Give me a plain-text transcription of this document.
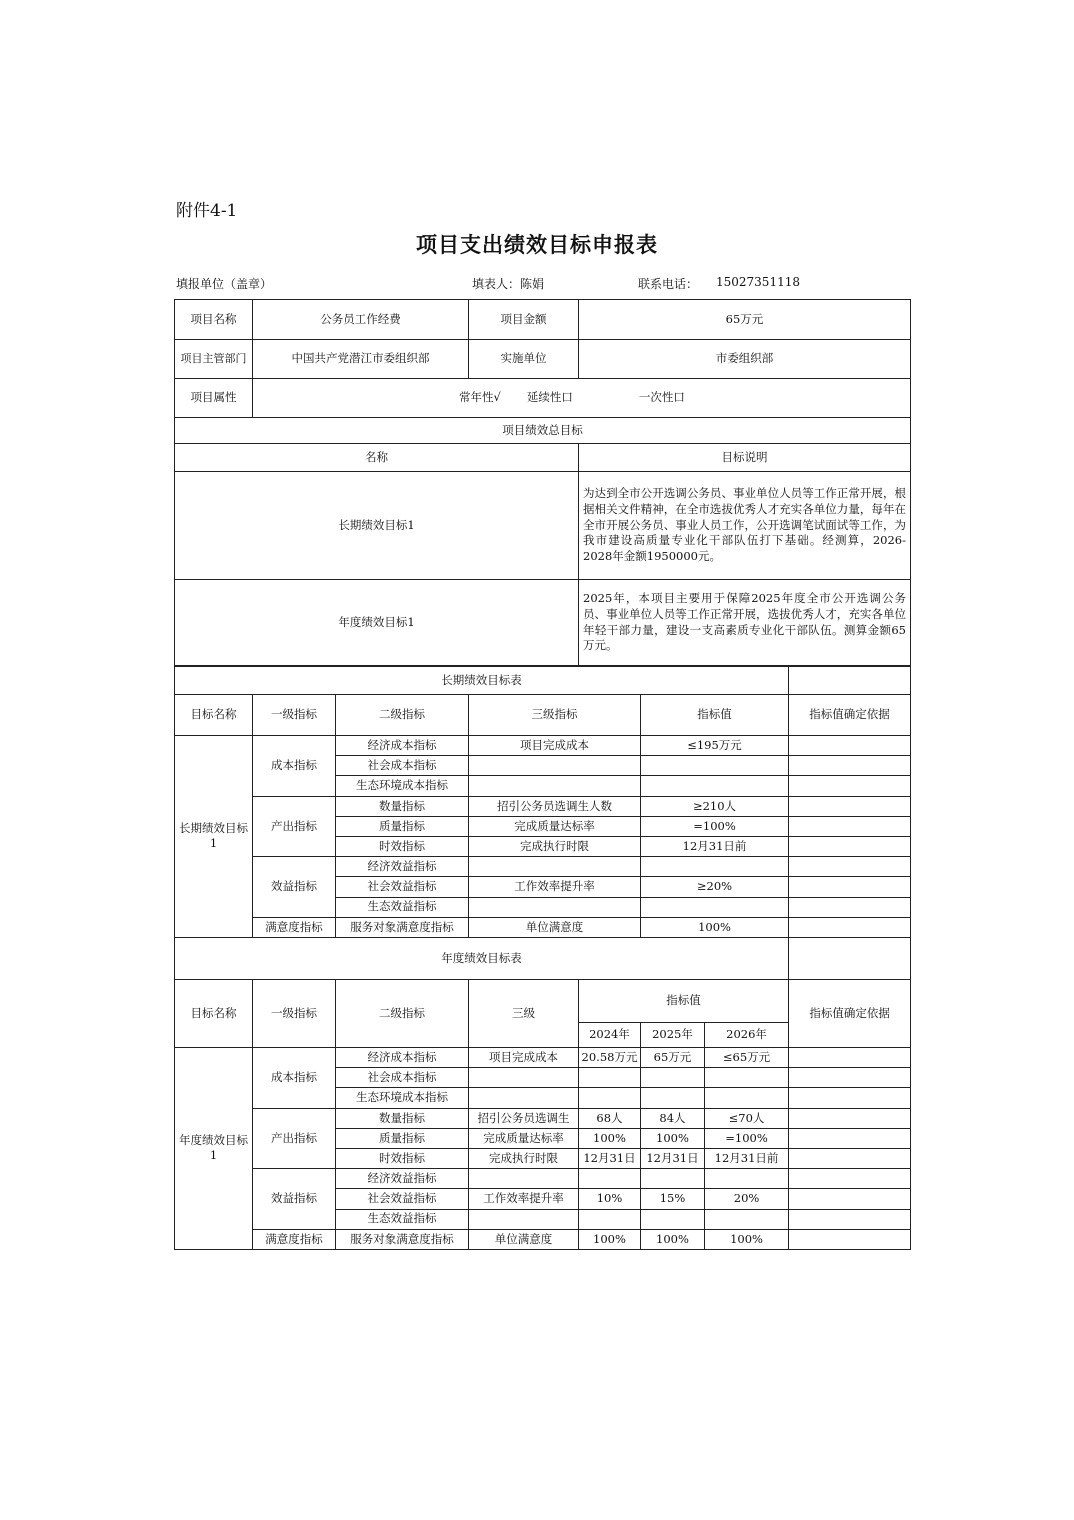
附件4-1
项目支出绩效目标申报表
填报单位（盖章）	填表人：陈娟	联系电话： 15027351118
项目名称	公务员工作经费	项目金额	65万元
项目主管部门	中国共产党潜江市委组织部	实施单位	市委组织部
项目属性	常年性√ 延续性口 一次性口		
项目绩效总目标			
名称			目标说明
长期绩效目标1			为达到全市公开选调公务员、事业单位人员等工作正常开展，根据相关文件精神，在全市选拔优秀人才充实各单位力量，每年在全市开展公务员、事业人员工作，公开选调笔试面试等工作，为我市建设高质量专业化干部队伍打下基础。经测算，2026-2028年金额1950000元。
年度绩效目标1			2025年，本项目主要用于保障2025年度全市公开选调公务员、事业单位人员等工作正常开展，选拔优秀人才，充实各单位年轻干部力量，建设一支高素质专业化干部队伍。测算金额65万元。
长期绩效目标表					
目标名称	一级指标	二级指标	三级指标	指标值	指标值确定依据
长期绩效目标1	成本指标	经济成本指标	项目完成成本	≤195万元	
		社会成本指标			
		生态环境成本指标			
	产出指标	数量指标	招引公务员选调生人数	≥210人	
		质量指标	完成质量达标率	=100%	
		时效指标	完成执行时限	12月31日前	
	效益指标	经济效益指标			
		社会效益指标	工作效率提升率	≥20%	
		生态效益指标			
	满意度指标	服务对象满意度指标	单位满意度	100%	
年度绩效目标表							
目标名称	一级指标	二级指标	三级	指标值			指标值确定依据
				2024年	2025年	2026年	
年度绩效目标1	成本指标	经济成本指标	项目完成成本	20.58万元	65万元	≤65万元	
		社会成本指标					
		生态环境成本指标					
	产出指标	数量指标	招引公务员选调生	68人	84人	≤70人	
		质量指标	完成质量达标率	100%	100%	=100%	
		时效指标	完成执行时限	12月31日	12月31日	12月31日前	
	效益指标	经济效益指标					
		社会效益指标	工作效率提升率	10%	15%	20%	
		生态效益指标					
	满意度指标	服务对象满意度指标	单位满意度	100%	100%	100%	
